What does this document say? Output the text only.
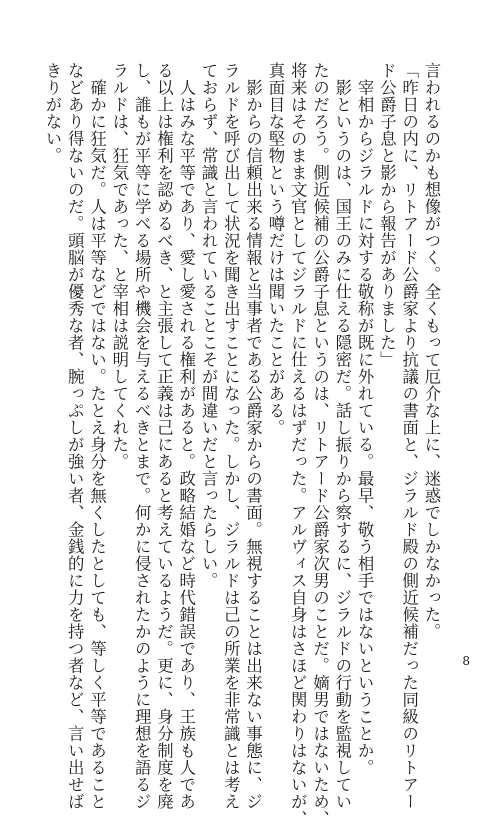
言われるのかも想像がつく。全くもって厄介な上に、迷惑でしかなかった。
「昨日の内に、リトアード公爵家より抗議の書面と、ジラルド殿の側近候補だった同級のリトアー
ド公爵子息と影から報告がありました」
　宰相からジラルドに対する敬称が既に外れている。最早、敬う相手ではないということか。
　影というのは、国王のみに仕える隠密だ。話し振りから察するに、ジラルドの行動を監視してい
たのだろう。側近候補の公爵子息というのは、リトアード公爵家次男のことだ。嫡男ではないため、
将来はそのまま文官としてジラルドに仕えるはずだった。アルヴィス自身はさほど関わりはないが、
真面目な堅物という噂だけは聞いたことがある。
　影からの信頼出来る情報と当事者である公爵家からの書面。無視することは出来ない事態に、ジ
ラルドを呼び出して状況を聞き出すことになった。しかし、ジラルドは己の所業を非常識とは考え
ておらず、常識と言われていることこそが間違いだと言ったらしい。
　人はみな平等であり、愛し愛される権利があると。政略結婚など時代錯誤であり、王族も人であ
る以上は権利を認めるべき、と主張して正義は己にあると考えているようだ。更に、身分制度を廃
し、誰もが平等に学べる場所や機会を与えるべきとまで。何かに侵されたかのように理想を語るジ
ラルドは、狂気であった、と宰相は説明してくれた。
　確かに狂気だ。人は平等などではない。たとえ身分を無くしたとしても、等しく平等であること
などあり得ないのだ。頭脳が優秀な者、腕っぷしが強い者、金銭的に力を持つ者など、言い出せば
きりがない。
8
